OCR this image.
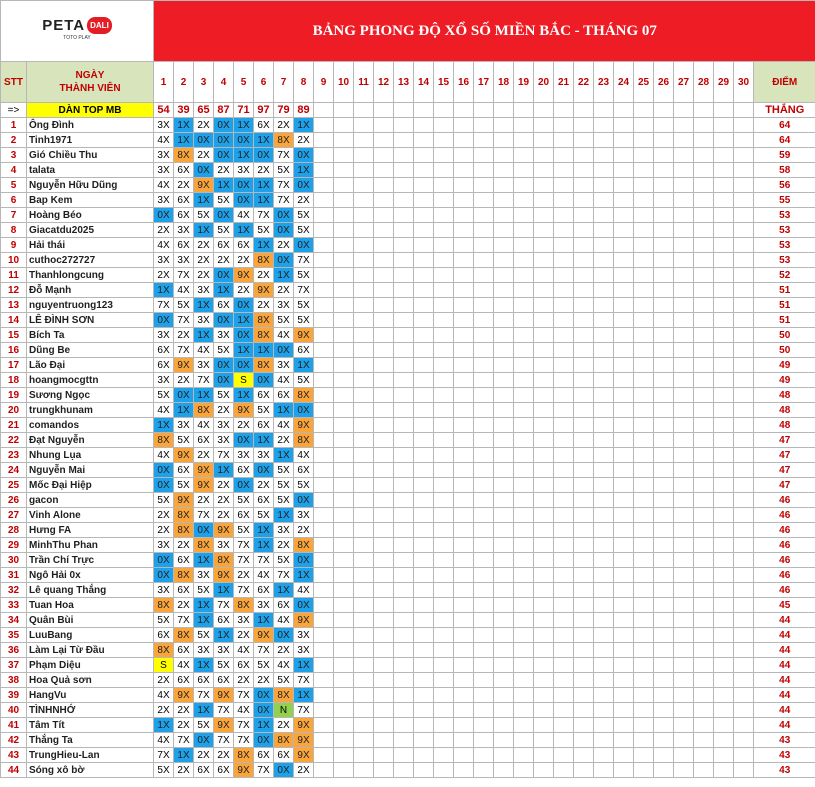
PETA DALI
TOTO PLAY		BẢNG PHONG ĐỘ XỔ SỐ MIỀN BẮC - THÁNG 07																														
STT	NGÀY
THÀNH VIÊN	1	2	3	4	5	6	7	8	9	10	11	12	13	14	15	16	17	18	19	20	21	22	23	24	25	26	27	28	29	30	ĐIỂM
=>	DÀN TOP MB	54	39	65	87	71	97	79	89																							THẮNG
1	Ông Đình	3X	1X	2X	0X	1X	6X	2X	1X																							64
2	Tinh1971	4X	1X	0X	0X	0X	1X	8X	2X																							64
3	Gió Chiều Thu	3X	8X	2X	0X	1X	0X	7X	0X																							59
4	talata	3X	6X	0X	2X	3X	2X	5X	1X																							58
5	Nguyễn Hữu Dũng	4X	2X	9X	1X	0X	1X	7X	0X																							56
6	Bap Kem	3X	6X	1X	5X	0X	1X	7X	2X																							55
7	Hoàng Béo	0X	6X	5X	0X	4X	7X	0X	5X																							53
8	Giacatdu2025	2X	3X	1X	5X	1X	5X	0X	5X																							53
9	Hải thái	4X	6X	2X	6X	6X	1X	2X	0X																							53
10	cuthoc272727	3X	3X	2X	2X	2X	8X	0X	7X																							53
11	Thanhlongcung	2X	7X	2X	0X	9X	2X	1X	5X																							52
12	Đỗ Mạnh	1X	4X	3X	1X	2X	9X	2X	7X																							51
13	nguyentruong123	7X	5X	1X	6X	0X	2X	3X	5X																							51
14	LÊ ĐÌNH SƠN	0X	7X	3X	0X	1X	8X	5X	5X																							51
15	Bích Ta	3X	2X	1X	3X	0X	8X	4X	9X																							50
16	Dũng Be	6X	7X	4X	5X	1X	1X	0X	6X																							50
17	Lão Đại	6X	9X	3X	0X	0X	8X	3X	1X																							49
18	hoangmocgttn	3X	2X	7X	0X	S	0X	4X	5X																							49
19	Sương Ngọc	5X	0X	1X	5X	1X	6X	6X	8X																							48
20	trungkhunam	4X	1X	8X	2X	9X	5X	1X	0X																							48
21	comandos	1X	3X	4X	3X	2X	6X	4X	9X																							48
22	Đạt Nguyễn	8X	5X	6X	3X	0X	1X	2X	8X																							47
23	Nhung Lụa	4X	9X	2X	7X	3X	3X	1X	4X																							47
24	Nguyễn Mai	0X	6X	9X	1X	6X	0X	5X	6X																							47
25	Mốc Đại Hiệp	0X	5X	9X	2X	0X	2X	5X	5X																							47
26	gacon	5X	9X	2X	2X	5X	6X	5X	0X																							46
27	Vinh Alone	2X	8X	7X	2X	6X	5X	1X	3X																							46
28	Hưng FA	2X	8X	0X	9X	5X	1X	3X	2X																							46
29	MinhThu Phan	3X	2X	8X	3X	7X	1X	2X	8X																							46
30	Trần Chí Trực	0X	6X	1X	8X	7X	7X	5X	0X																							46
31	Ngô Hải 0x	0X	8X	3X	9X	2X	4X	7X	1X																							46
32	Lê quang Thắng	3X	6X	5X	1X	7X	6X	1X	4X																							46
33	Tuan Hoa	8X	2X	1X	7X	8X	3X	6X	0X																							45
34	Quân Bùi	5X	7X	1X	6X	3X	1X	4X	9X																							44
35	LuuBang	6X	8X	5X	1X	2X	9X	0X	3X																							44
36	Làm Lại Từ Đầu	8X	6X	3X	3X	4X	7X	2X	3X																							44
37	Phạm Diệu	S	4X	1X	5X	6X	5X	4X	1X																							44
38	Hoa Quả sơn	2X	6X	6X	6X	2X	2X	5X	7X																							44
39	HangVu	4X	9X	7X	9X	7X	0X	8X	1X																							44
40	TÌNHNHỚ	2X	2X	1X	7X	4X	0X	N	7X																							44
41	Tâm Tít	1X	2X	5X	9X	7X	1X	2X	9X																							44
42	Thắng Ta	4X	7X	0X	7X	7X	0X	8X	9X																							43
43	TrungHieu-Lan	7X	1X	2X	2X	8X	6X	6X	9X																							43
44	Sóng xô bờ	5X	2X	6X	6X	9X	7X	0X	2X																							43
